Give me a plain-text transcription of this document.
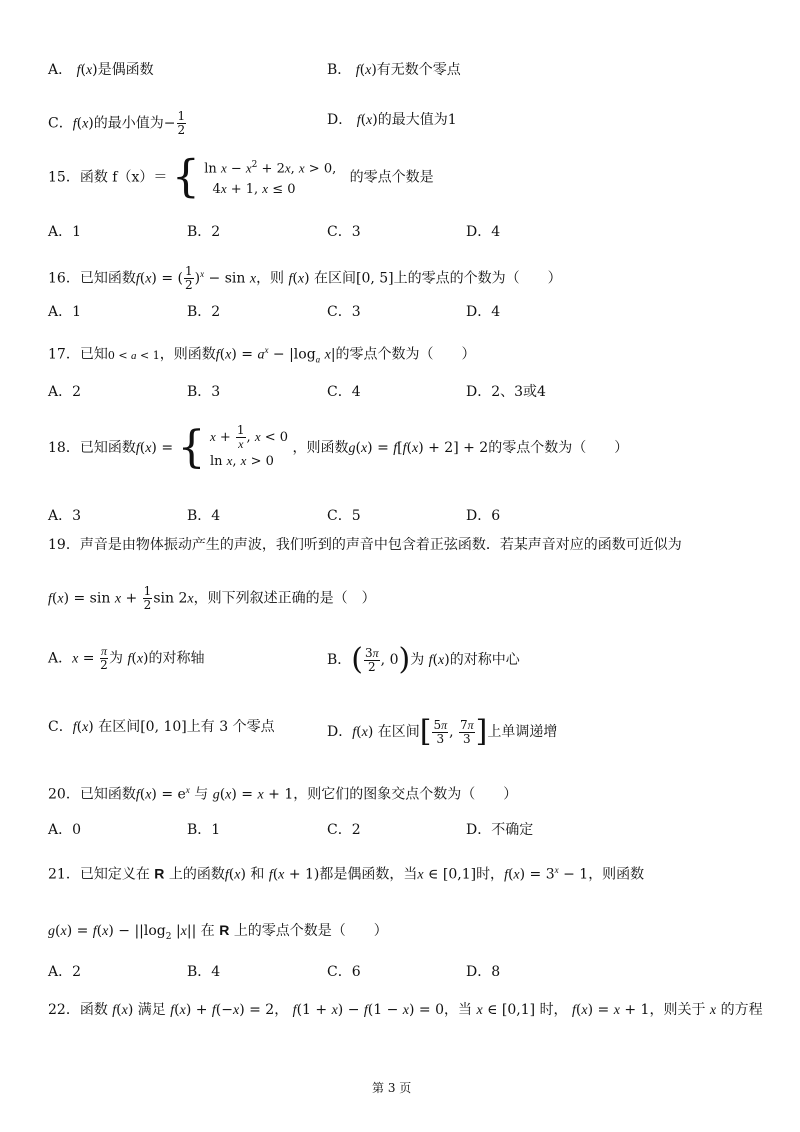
A． f(x)是偶函数	B． f(x)有无数个零点
C．f(x)的最小值为− $\frac{1}{2}$	D． f(x)的最大值为1
15．函数 f（x）＝ { $\ln x - x^2 + 2x$, x > 0,
4x + 1, x ≤ 0   的零点个数是
A．1	B．2	C．3	D．4
16．已知函数f(x) = ( $\frac{1}{2} )^x - \sin x$，则 f(x) 在区间[0, 5]上的零点的个数为（　　）
A．1	B．2	C．3	D．4
17．已知0 < a < 1，则函数$f(x) = a^x - |\log_a$ x|的零点个数为（　　）
A．2	B．3	C．4	D．2、3或4
18．已知函数f(x) = { $x + \frac{1}{x}$ , x < 0
ln x, x > 0 ，则函数g(x) = f[f(x) + 2] + 2的零点个数为（　　）
A．3	B．4	C．5	D．6
19．声音是由物体振动产生的声波，我们听到的声音中包含着正弦函数．若某声音对应的函数可近似为
$f(x) = \sin x + \frac{1}{2}$ sin 2x，则下列叙述正确的是（　）
A．$x = \frac{\pi}{2}$ 为 f(x)的对称轴	B．( $\frac{3\pi}{2}$ , 0)为 f(x)的对称中心
C．f(x) 在区间[0, 10]上有 3 个零点	D．f(x) 在区间[ $\frac{5\pi}{3}$ , $\frac{7\pi}{3}$ ]上单调递增
20．已知函数$f(x) = e^x$ 与 g(x) = x + 1，则它们的图象交点个数为（　　）
A．0	B．1	C．2	D．不确定
21．已知定义在 R 上的函数f(x) 和 f(x + 1)都是偶函数，当x ∈ [0,1]时，$f(x) = 3^x - 1$，则函数
$g(x) = f(x) - ||\log_2$ |x|| 在 R 上的零点个数是（　　）
A．2	B．4	C．6	D．8
22．函数 f(x) 满足 f(x) + f(−x) = 2， f(1 + x) − f(1 − x) = 0，当 x ∈ [0,1] 时， f(x) = x + 1，则关于 x 的方程
第 3 页
